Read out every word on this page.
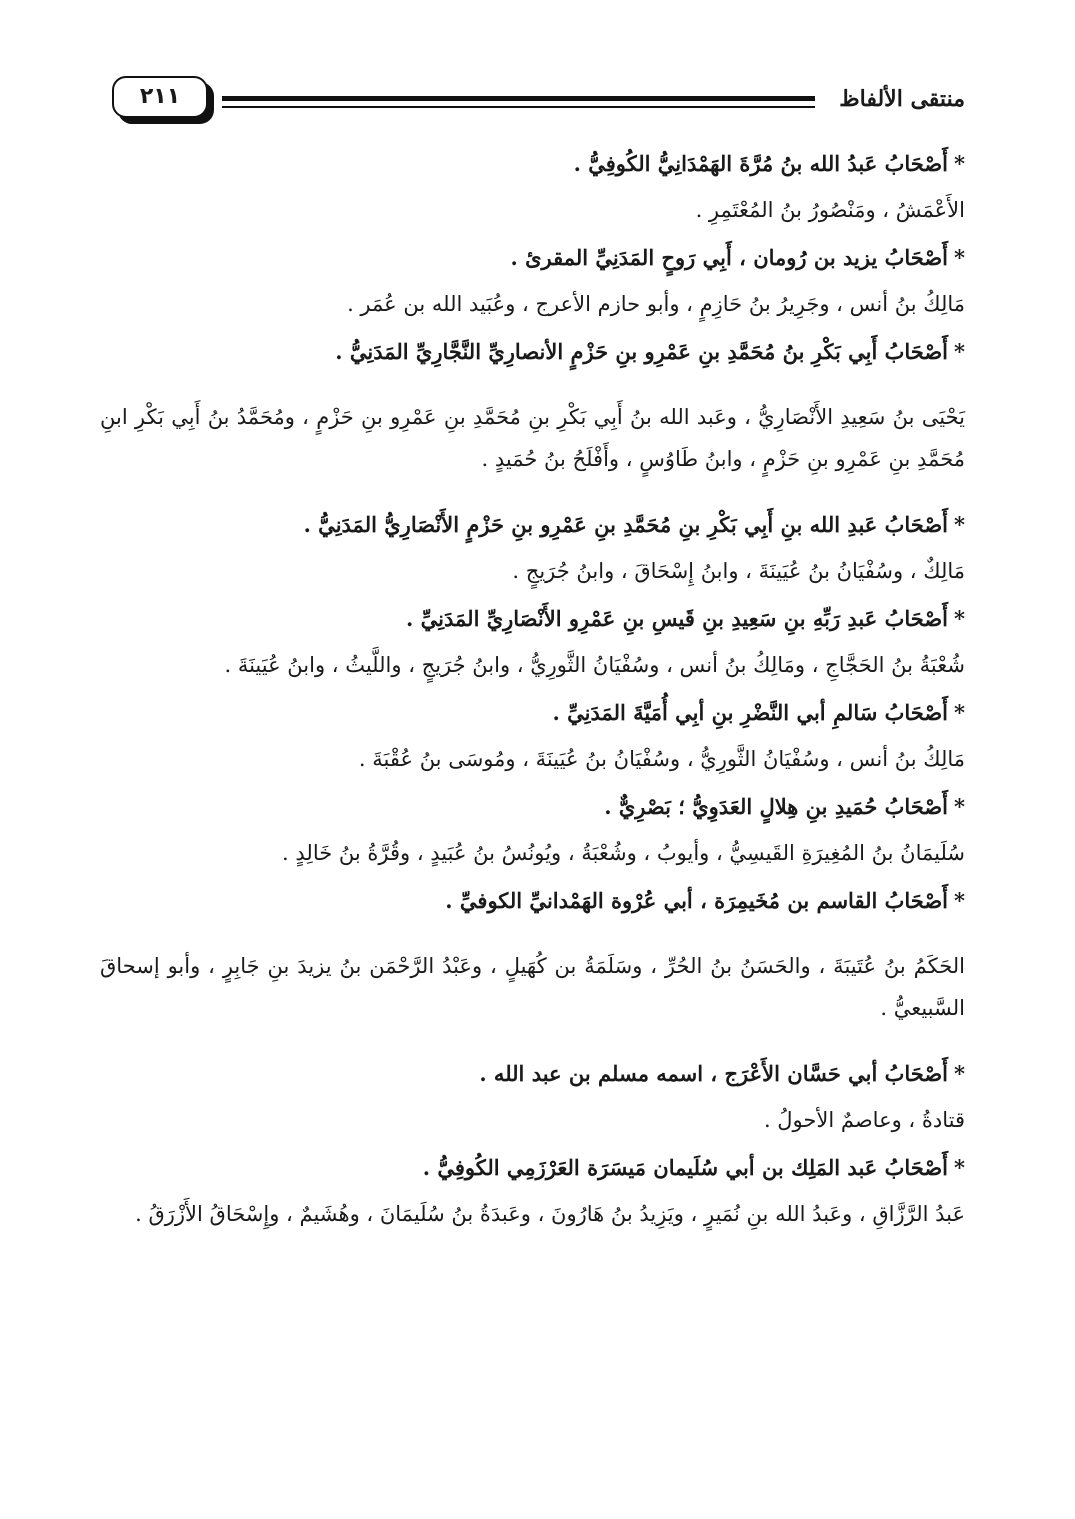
منتقى الألفاظ
٢١١

*أَصْحَابُ عَبدُ الله بنُ مُرَّةَ الهَمْدَانِيُّ الكُوفِيُّ .

الأَعْمَشُ ، ومَنْصُورُ بنُ المُعْتَمِرِ .

*أَصْحَابُ يزيد بن رُومان ، أَبِي رَوحٍ المَدَنِيِّ المقرئ .

مَالِكُ بنُ أنس ، وجَرِيرُ بنُ حَازِمٍ ، وأبو حازم الأعرج ، وعُبَيد الله بن عُمَر .

*أَصْحَابُ أَبِي بَكْرِ بنُ مُحَمَّدِ بنِ عَمْرِو بنِ حَزْمٍ الأنصارِيِّ النَّجَّارِيِّ المَدَنِيُّ .

يَحْيَى بنُ سَعِيدِ الأَنْصَارِيُّ ، وعَبد الله بنُ أَبِي بَكْرِ بنِ مُحَمَّدِ بنِ عَمْرِو بنِ حَزْمٍ ، ومُحَمَّدُ بنُ أَبِي بَكْرِ ابنِ مُحَمَّدِ بنِ عَمْرِو بنِ حَزْمٍ ، وابنُ طَاوُسٍ ، وأَفْلَحُ بنُ حُمَيدٍ .

*أَصْحَابُ عَبدِ الله بنِ أَبِي بَكْرِ بنِ مُحَمَّدِ بنِ عَمْرِو بنِ حَزْمٍ الأَنْصَارِيُّ المَدَنِيُّ .

مَالِكٌ ، وسُفْيَانُ بنُ عُيَينَةَ ، وابنُ إِسْحَاقَ ، وابنُ جُرَيجٍ .

*أَصْحَابُ عَبدِ رَبِّهِ بنِ سَعِيدِ بنِ قَيسِ بنِ عَمْرِو الأَنْصَارِيِّ المَدَنِيِّ .

شُعْبَةُ بنُ الحَجَّاجِ ، ومَالِكُ بنُ أنس ، وسُفْيَانُ الثَّورِيُّ ، وابنُ جُرَيجٍ ، واللَّيثُ ، وابنُ عُيَينَةَ .

*أَصْحَابُ سَالمِ أبي النَّضْرِ بنِ أبِي أُمَيَّةَ المَدَنِيِّ .

مَالِكُ بنُ أنس ، وسُفْيَانُ الثَّورِيُّ ، وسُفْيَانُ بنُ عُيَينَةَ ، ومُوسَى بنُ عُقْبَةَ .

*أَصْحَابُ حُمَيدِ بنِ هِلالٍ العَدَوِيُّ ؛ بَصْرِيٌّ .

سُلَيمَانُ بنُ المُغِيرَةِ القَيسِيُّ ، وأيوبُ ، وشُعْبَةُ ، ويُونُسُ بنُ عُبَيدٍ ، وقُرَّةُ بنُ خَالِدٍ .

*أَصْحَابُ القاسم بن مُخَيمِرَة ، أبي عُرْوة الهَمْدانيِّ الكوفيِّ .

الحَكَمُ بنُ عُتَيبَةَ ، والحَسَنُ بنُ الحُرِّ ، وسَلَمَةُ بن كُهَيلٍ ، وعَبْدُ الرَّحْمَن بنُ يزيدَ بنِ جَابِرٍ ، وأبو إسحاقَ السَّبيعيُّ .

*أَصْحَابُ أبي حَسَّان الأَعْرَج ، اسمه مسلم بن عبد الله .

قتادةُ ، وعاصمٌ الأحولُ .

*أَصْحَابُ عَبد المَلِك بن أبي سُلَيمان مَيسَرَة العَرْزَمِي الكُوفِيُّ .

عَبدُ الرَّزَّاقِ ، وعَبدُ الله بنِ نُمَيرٍ ، ويَزِيدُ بنُ هَارُونَ ، وعَبدَةُ بنُ سُلَيمَانَ ، وهُشَيمٌ ، وإِسْحَاقُ الأَزْرَقُ .
